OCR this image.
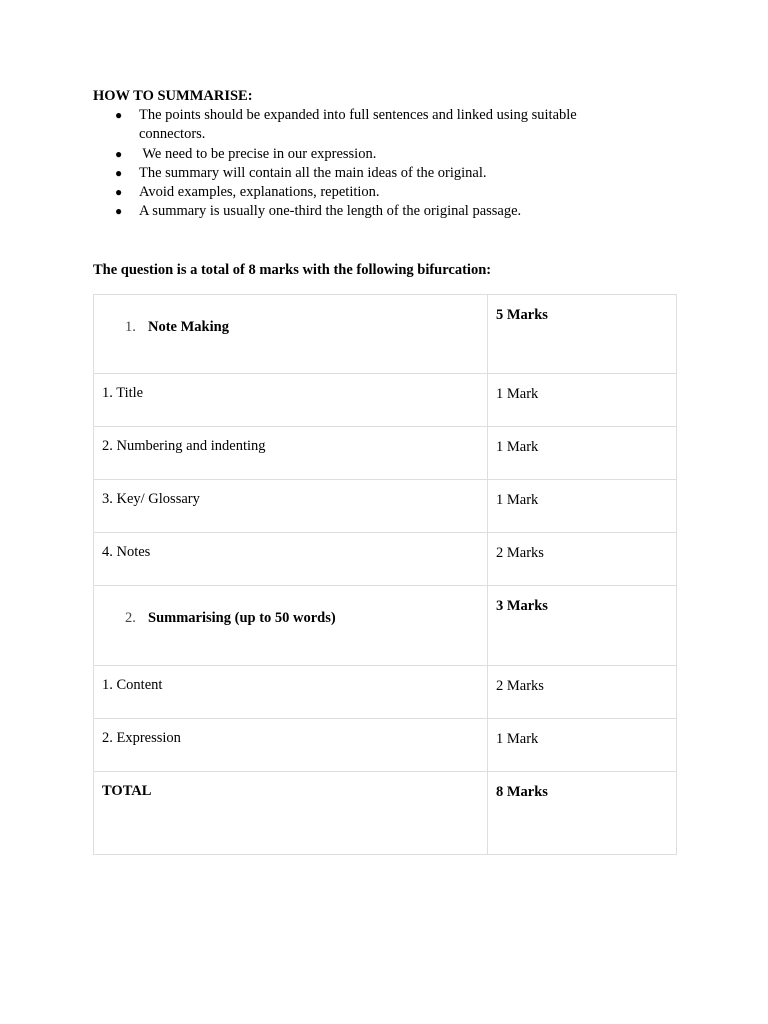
HOW TO SUMMARISE:

● The points should be expanded into full sentences and linked using suitable connectors.
● We need to be precise in our expression.
● The summary will contain all the main ideas of the original.
● Avoid examples, explanations, repetition.
● A summary is usually one-third the length of the original passage.

The question is a total of 8 marks with the following bifurcation:

1. Note Making	5 Marks

1. Title	1 Mark

2. Numbering and indenting	1 Mark

3. Key/ Glossary	1 Mark

4. Notes	2 Marks

2. Summarising (up to 50 words)	3 Marks

1. Content	2 Marks

2. Expression	1 Mark

TOTAL	8 Marks
